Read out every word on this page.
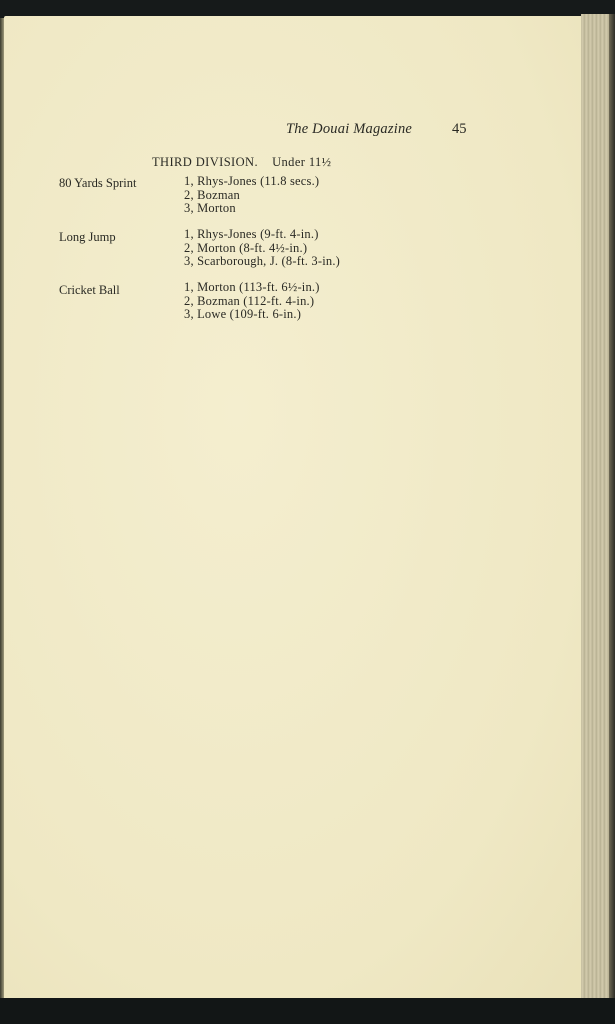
The Douai Magazine	45
THIRD DIVISION.    Under 11½
80 Yards Sprint	1, Rhys-Jones (11.8 secs.)
2, Bozman
3, Morton
Long Jump	1, Rhys-Jones (9-ft. 4-in.)
2, Morton (8-ft. 4½-in.)
3, Scarborough, J. (8-ft. 3-in.)
Cricket Ball	1, Morton (113-ft. 6½-in.)
2, Bozman (112-ft. 4-in.)
3, Lowe (109-ft. 6-in.)
